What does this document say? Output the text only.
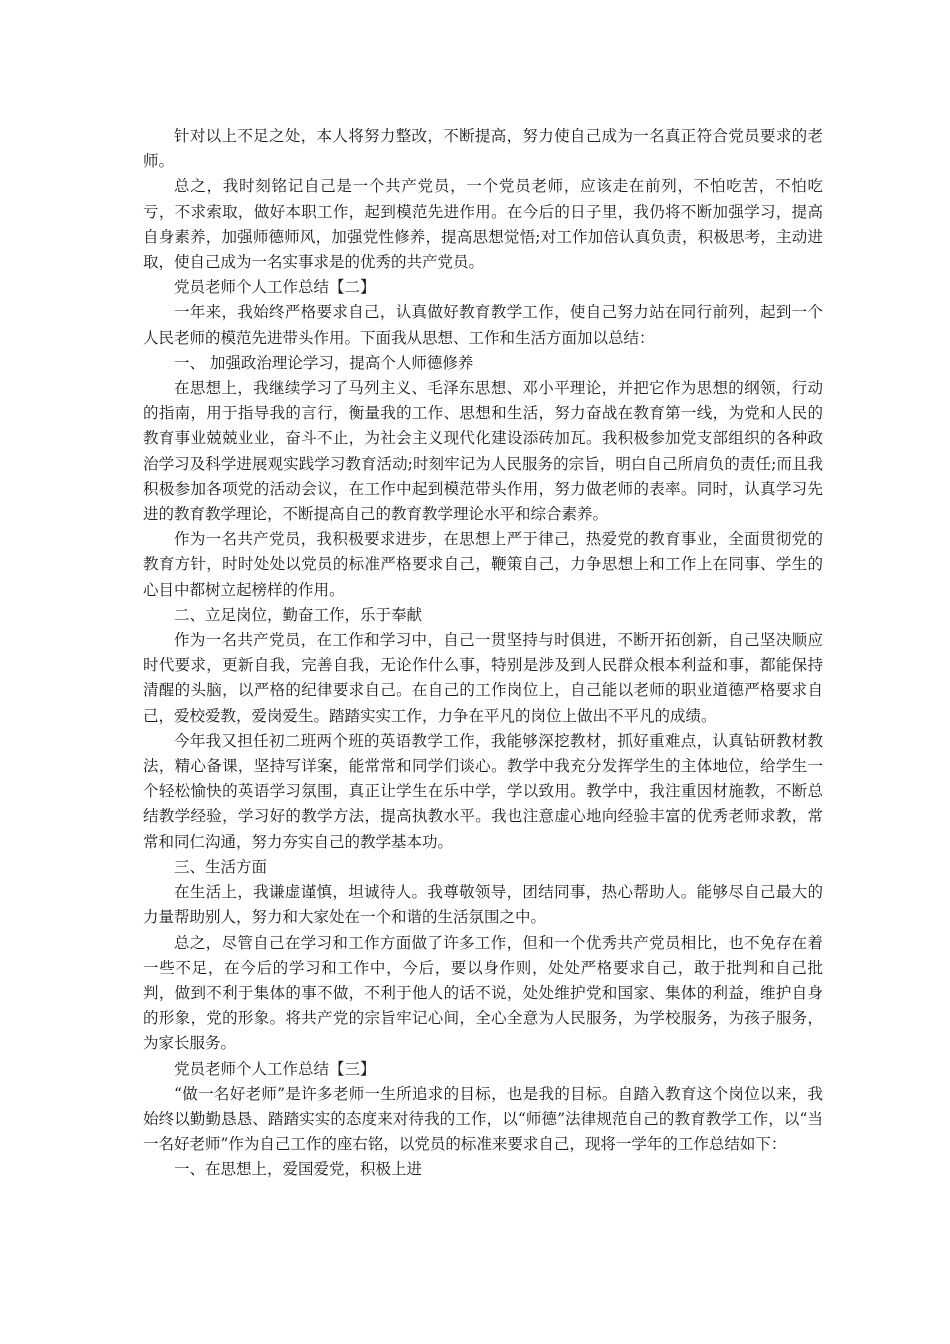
针对以上不足之处，本人将努力整改，不断提高，努力使自己成为一名真正符合党员要求的老师。

总之，我时刻铭记自己是一个共产党员，一个党员老师，应该走在前列，不怕吃苦，不怕吃亏，不求索取，做好本职工作，起到模范先进作用。在今后的日子里，我仍将不断加强学习，提高自身素养，加强师德师风，加强党性修养，提高思想觉悟;对工作加倍认真负责，积极思考，主动进取，使自己成为一名实事求是的优秀的共产党员。

党员老师个人工作总结【二】

一年来，我始终严格要求自己，认真做好教育教学工作，使自己努力站在同行前列，起到一个人民老师的模范先进带头作用。下面我从思想、工作和生活方面加以总结：

一、 加强政治理论学习，提高个人师德修养

在思想上，我继续学习了马列主义、毛泽东思想、邓小平理论，并把它作为思想的纲领，行动的指南，用于指导我的言行，衡量我的工作、思想和生活，努力奋战在教育第一线，为党和人民的教育事业兢兢业业，奋斗不止，为社会主义现代化建设添砖加瓦。我积极参加党支部组织的各种政治学习及科学进展观实践学习教育活动;时刻牢记为人民服务的宗旨，明白自己所肩负的责任;而且我积极参加各项党的活动会议，在工作中起到模范带头作用，努力做老师的表率。同时，认真学习先进的教育教学理论，不断提高自己的教育教学理论水平和综合素养。

作为一名共产党员，我积极要求进步，在思想上严于律己，热爱党的教育事业，全面贯彻党的教育方针，时时处处以党员的标准严格要求自己，鞭策自己，力争思想上和工作上在同事、学生的心目中都树立起榜样的作用。

二、立足岗位，勤奋工作，乐于奉献

作为一名共产党员，在工作和学习中，自己一贯坚持与时俱进，不断开拓创新，自己坚决顺应时代要求，更新自我，完善自我，无论作什么事，特别是涉及到人民群众根本利益和事，都能保持清醒的头脑，以严格的纪律要求自己。在自己的工作岗位上，自己能以老师的职业道德严格要求自己，爱校爱教，爱岗爱生。踏踏实实工作，力争在平凡的岗位上做出不平凡的成绩。

今年我又担任初二班两个班的英语教学工作，我能够深挖教材，抓好重难点，认真钻研教材教法，精心备课，坚持写详案，能常常和同学们谈心。教学中我充分发挥学生的主体地位，给学生一个轻松愉快的英语学习氛围，真正让学生在乐中学，学以致用。教学中，我注重因材施教，不断总结教学经验，学习好的教学方法，提高执教水平。我也注意虚心地向经验丰富的优秀老师求教，常常和同仁沟通，努力夯实自己的教学基本功。

三、生活方面

在生活上，我谦虚谨慎，坦诚待人。我尊敬领导，团结同事，热心帮助人。能够尽自己最大的力量帮助别人，努力和大家处在一个和谐的生活氛围之中。

总之，尽管自己在学习和工作方面做了许多工作，但和一个优秀共产党员相比，也不免存在着一些不足，在今后的学习和工作中，今后，要以身作则，处处严格要求自己，敢于批判和自己批判，做到不利于集体的事不做，不利于他人的话不说，处处维护党和国家、集体的利益，维护自身的形象，党的形象。将共产党的宗旨牢记心间，全心全意为人民服务，为学校服务，为孩子服务，为家长服务。

党员老师个人工作总结【三】

“做一名好老师”是许多老师一生所追求的目标，也是我的目标。自踏入教育这个岗位以来，我始终以勤勤恳恳、踏踏实实的态度来对待我的工作，以“师德”法律规范自己的教育教学工作，以“当一名好老师”作为自己工作的座右铭，以党员的标准来要求自己，现将一学年的工作总结如下：

一、在思想上，爱国爱党，积极上进
